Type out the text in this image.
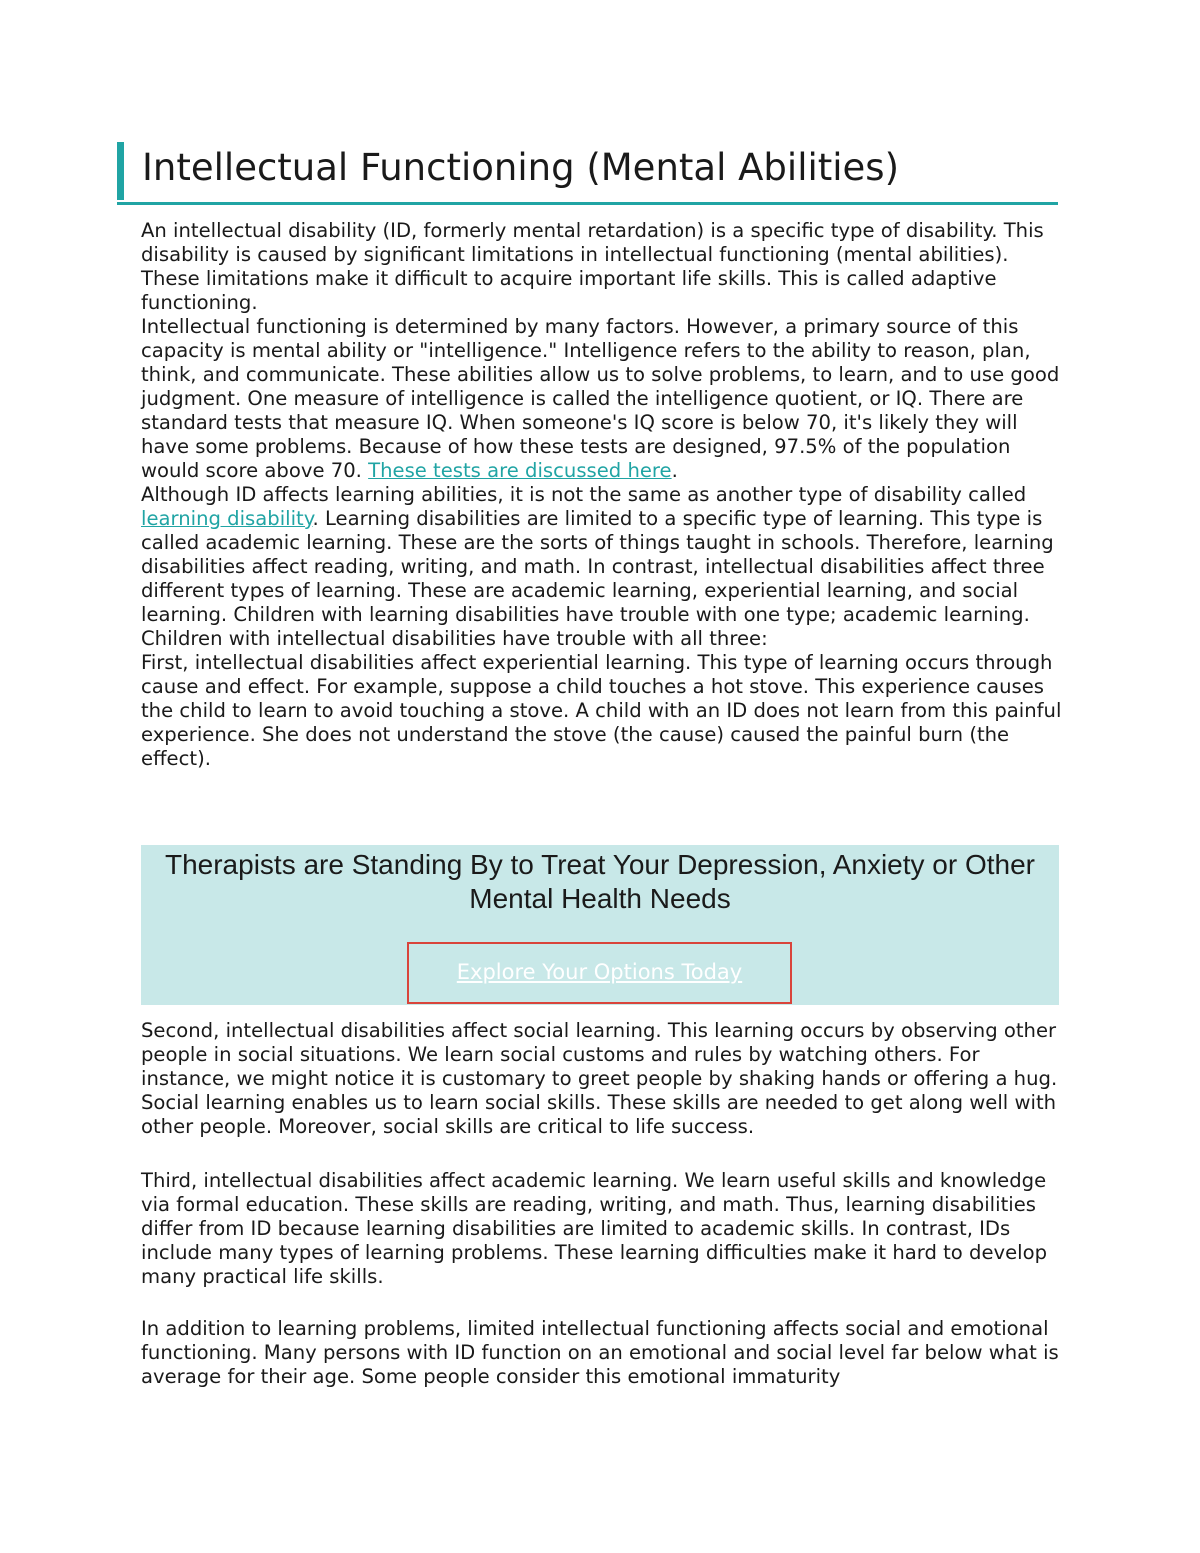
Intellectual Functioning (Mental Abilities)

An intellectual disability (ID, formerly mental retardation) is a specific type of disability. This disability is caused by significant limitations in intellectual functioning (mental abilities). These limitations make it difficult to acquire important life skills. This is called adaptive functioning.

Intellectual functioning is determined by many factors. However, a primary source of this capacity is mental ability or "intelligence." Intelligence refers to the ability to reason, plan, think, and communicate. These abilities allow us to solve problems, to learn, and to use good judgment. One measure of intelligence is called the intelligence quotient, or IQ. There are standard tests that measure IQ. When someone's IQ score is below 70, it's likely they will have some problems. Because of how these tests are designed, 97.5% of the population would score above 70. These tests are discussed here.

Although ID affects learning abilities, it is not the same as another type of disability called learning disability. Learning disabilities are limited to a specific type of learning. This type is called academic learning. These are the sorts of things taught in schools. Therefore, learning disabilities affect reading, writing, and math. In contrast, intellectual disabilities affect three different types of learning. These are academic learning, experiential learning, and social learning. Children with learning disabilities have trouble with one type; academic learning. Children with intellectual disabilities have trouble with all three:

First, intellectual disabilities affect experiential learning. This type of learning occurs through cause and effect. For example, suppose a child touches a hot stove. This experience causes the child to learn to avoid touching a stove. A child with an ID does not learn from this painful experience. She does not understand the stove (the cause) caused the painful burn (the effect).

Therapists are Standing By to Treat Your Depression, Anxiety or Other Mental Health Needs
Explore Your Options Today

Second, intellectual disabilities affect social learning. This learning occurs by observing other people in social situations. We learn social customs and rules by watching others. For instance, we might notice it is customary to greet people by shaking hands or offering a hug. Social learning enables us to learn social skills. These skills are needed to get along well with other people. Moreover, social skills are critical to life success.

Third, intellectual disabilities affect academic learning. We learn useful skills and knowledge via formal education. These skills are reading, writing, and math. Thus, learning disabilities differ from ID because learning disabilities are limited to academic skills. In contrast, IDs include many types of learning problems. These learning difficulties make it hard to develop many practical life skills.

In addition to learning problems, limited intellectual functioning affects social and emotional functioning. Many persons with ID function on an emotional and social level far below what is average for their age. Some people consider this emotional immaturity
